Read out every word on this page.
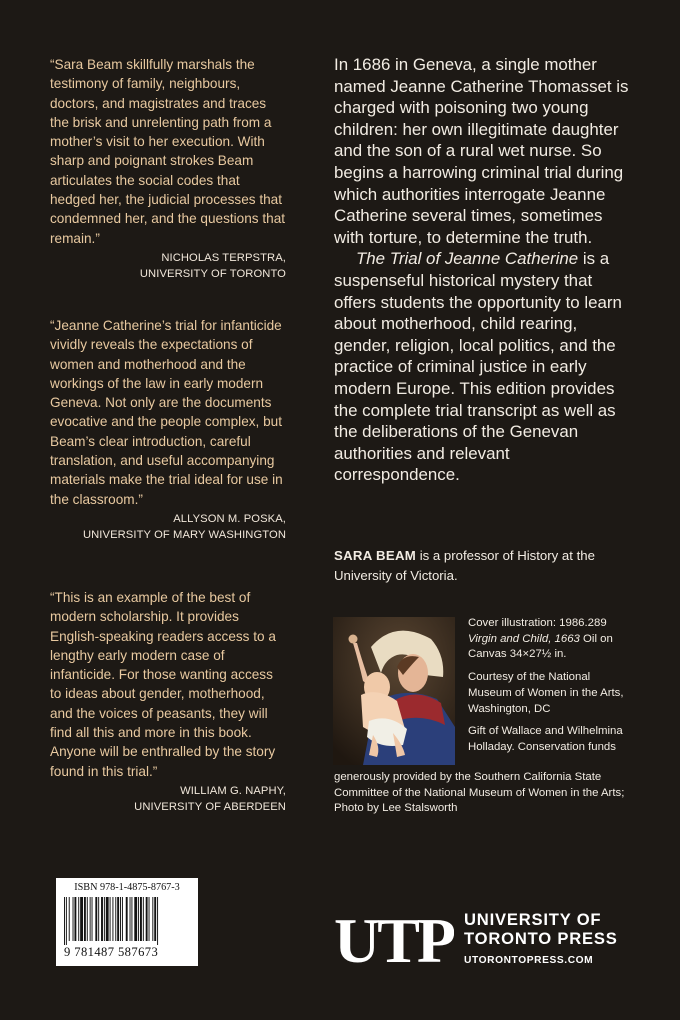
“Sara Beam skillfully marshals the testimony of family, neighbours, doctors, and magistrates and traces the brisk and unrelenting path from a mother’s visit to her execution. With sharp and poignant strokes Beam articulates the social codes that hedged her, the judicial processes that condemned her, and the questions that remain.”

NICHOLAS TERPSTRA,
UNIVERSITY OF TORONTO

“Jeanne Catherine’s trial for infanticide vividly reveals the expectations of women and motherhood and the workings of the law in early modern Geneva. Not only are the documents evocative and the people complex, but Beam’s clear introduction, careful translation, and useful accompanying materials make the trial ideal for use in the classroom.”

ALLYSON M. POSKA,
UNIVERSITY OF MARY WASHINGTON

“This is an example of the best of modern scholarship. It provides English-speaking readers access to a lengthy early modern case of infanticide. For those wanting access to ideas about gender, motherhood, and the voices of peasants, they will find all this and more in this book. Anyone will be enthralled by the story found in this trial.”

WILLIAM G. NAPHY,
UNIVERSITY OF ABERDEEN

In 1686 in Geneva, a single mother named Jeanne Catherine Thomasset is charged with poisoning two young children: her own illegitimate daughter and the son of a rural wet nurse. So begins a harrowing criminal trial during which authorities interrogate Jeanne Catherine several times, sometimes with torture, to determine the truth.

The Trial of Jeanne Catherine is a suspenseful historical mystery that offers students the opportunity to learn about motherhood, child rearing, gender, religion, local politics, and the practice of criminal justice in early modern Europe. This edition provides the complete trial transcript as well as the deliberations of the Genevan authorities and relevant correspondence.

SARA BEAM is a professor of History at the University of Victoria.

Cover illustration: 1986.289
Virgin and Child, 1663 Oil on Canvas 34×27½ in.

Courtesy of the National Museum of Women in the Arts, Washington, DC

Gift of Wallace and Wilhelmina Holladay. Conservation funds

generously provided by the Southern California State Committee of the National Museum of Women in the Arts; Photo by Lee Stalsworth

ISBN 978-1-4875-8767-3
9 781487 587673	UTP UNIVERSITY OF
TORONTO PRESS
UTORONTOPRESS.COM
